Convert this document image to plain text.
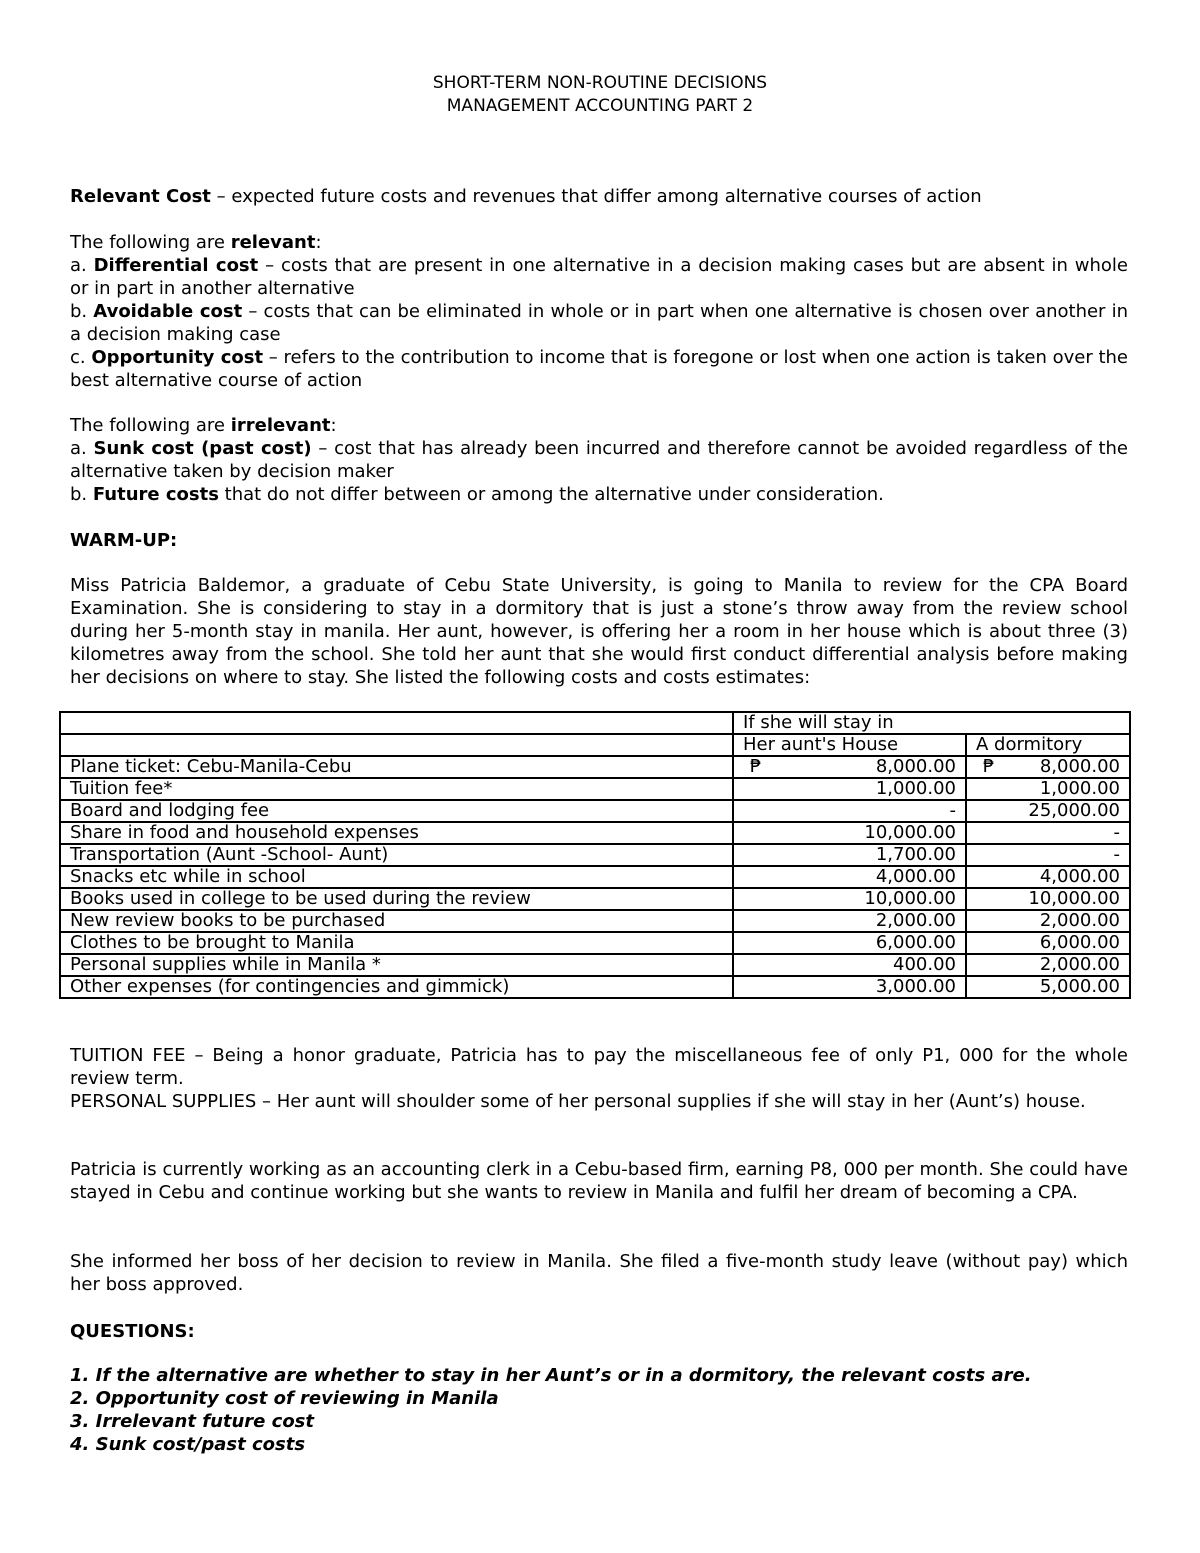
SHORT-TERM NON-ROUTINE DECISIONS
MANAGEMENT ACCOUNTING PART 2

Relevant Cost – expected future costs and revenues that differ among alternative courses of action

The following are relevant:

a. Differential cost – costs that are present in one alternative in a decision making cases but are absent in whole or in part in another alternative

b. Avoidable cost – costs that can be eliminated in whole or in part when one alternative is chosen over another in a decision making case

c. Opportunity cost – refers to the contribution to income that is foregone or lost when one action is taken over the best alternative course of action

The following are irrelevant:

a. Sunk cost (past cost) – cost that has already been incurred and therefore cannot be avoided regardless of the alternative taken by decision maker

b. Future costs that do not differ between or among the alternative under consideration.

WARM-UP:

Miss Patricia Baldemor, a graduate of Cebu State University, is going to Manila to review for the CPA Board Examination. She is considering to stay in a dormitory that is just a stone’s throw away from the review school during her 5-month stay in manila. Her aunt, however, is offering her a room in her house which is about three (3) kilometres away from the school. She told her aunt that she would first conduct differential analysis before making her decisions on where to stay. She listed the following costs and costs estimates:

	If she will stay in	
	Her aunt's House	A dormitory
Plane ticket: Cebu-Manila-Cebu	₱ 8,000.00	₱ 8,000.00
Tuition fee*	1,000.00	1,000.00
Board and lodging fee	-	25,000.00
Share in food and household expenses	10,000.00	-
Transportation (Aunt -School- Aunt)	1,700.00	-
Snacks etc while in school	4,000.00	4,000.00
Books used in college to be used during the review	10,000.00	10,000.00
New review books to be purchased	2,000.00	2,000.00
Clothes to be brought to Manila	6,000.00	6,000.00
Personal supplies while in Manila *	400.00	2,000.00
Other expenses (for contingencies and gimmick)	3,000.00	5,000.00

TUITION FEE – Being a honor graduate, Patricia has to pay the miscellaneous fee of only P1, 000 for the whole review term.

PERSONAL SUPPLIES – Her aunt will shoulder some of her personal supplies if she will stay in her (Aunt’s) house.

Patricia is currently working as an accounting clerk in a Cebu-based firm, earning P8, 000 per month. She could have stayed in Cebu and continue working but she wants to review in Manila and fulfil her dream of becoming a CPA.

She informed her boss of her decision to review in Manila. She filed a five-month study leave (without pay) which her boss approved.

QUESTIONS:

1. If the alternative are whether to stay in her Aunt’s or in a dormitory, the relevant costs are.
2. Opportunity cost of reviewing in Manila
3. Irrelevant future cost
4. Sunk cost/past costs
